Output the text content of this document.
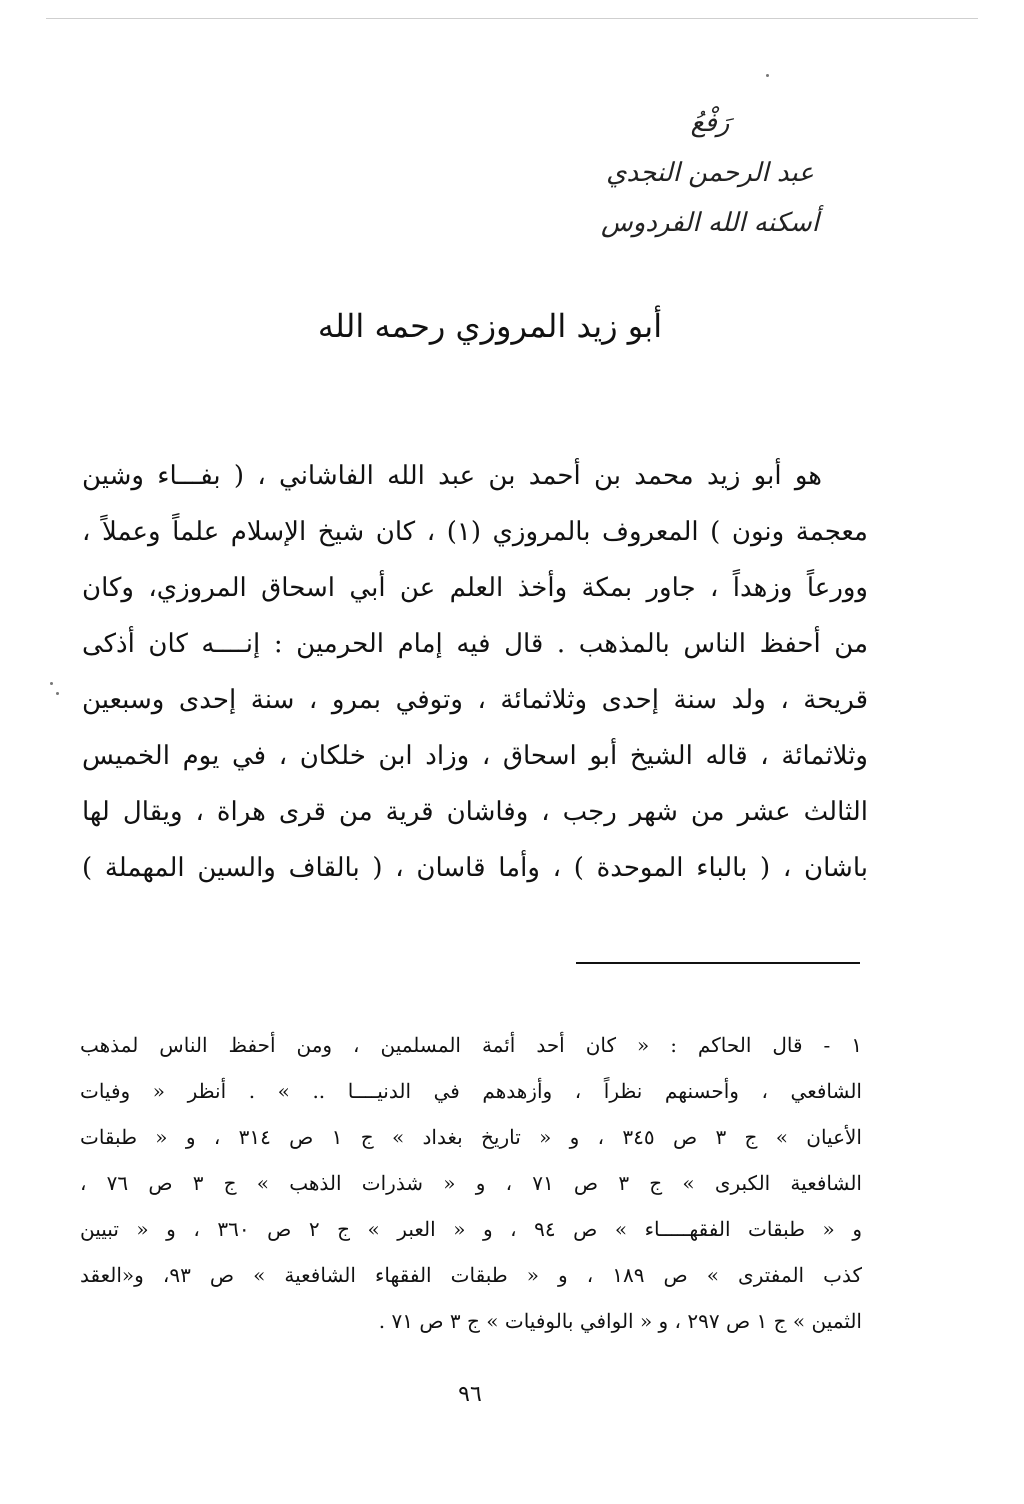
رَفْعُ
عبد الرحمن النجدي
أسكنه الله الفردوس
أبو زيد المروزي رحمه الله
هو أبو زيد محمد بن أحمد بن عبد الله الفاشاني ، ( بفـــاء وشين
معجمة ونون ) المعروف بالمروزي (١) ، كان شيخ الإسلام علماً وعملاً ،
وورعاً وزهداً ، جاور بمكة وأخذ العلم عن أبي اسحاق المروزي، وكان
من أحفظ الناس بالمذهب . قال فيه إمام الحرمين : إنــــه كان أذكى
قريحة ، ولد سنة إحدى وثلاثمائة ، وتوفي بمرو ، سنة إحدى وسبعين
وثلاثمائة ، قاله الشيخ أبو اسحاق ، وزاد ابن خلكان ، في يوم الخميس
الثالث عشر من شهر رجب ، وفاشان قرية من قرى هراة ، ويقال لها
باشان ، ( بالباء الموحدة ) ، وأما قاسان ، ( بالقاف والسين المهملة )
١ - قال الحاكم : « كان أحد أئمة المسلمين ، ومن أحفظ الناس لمذهب
الشافعي ، وأحسنهم نظراً ، وأزهدهم في الدنيــــا .. » . أنظر « وفيات
الأعيان » ج ٣ ص ٣٤٥ ، و « تاريخ بغداد » ج ١ ص ٣١٤ ، و « طبقات
الشافعية الكبرى » ج ٣ ص ٧١ ، و « شذرات الذهب » ج ٣ ص ٧٦ ،
و « طبقات الفقهـــــاء » ص ٩٤ ، و « العبر » ج ٢ ص ٣٦٠ ، و « تبيين
كذب المفترى » ص ١٨٩ ، و « طبقات الفقهاء الشافعية » ص ٩٣، و«العقد
الثمين » ج ١ ص ٢٩٧ ، و « الوافي بالوفيات » ج ٣ ص ٧١ .
٩٦
